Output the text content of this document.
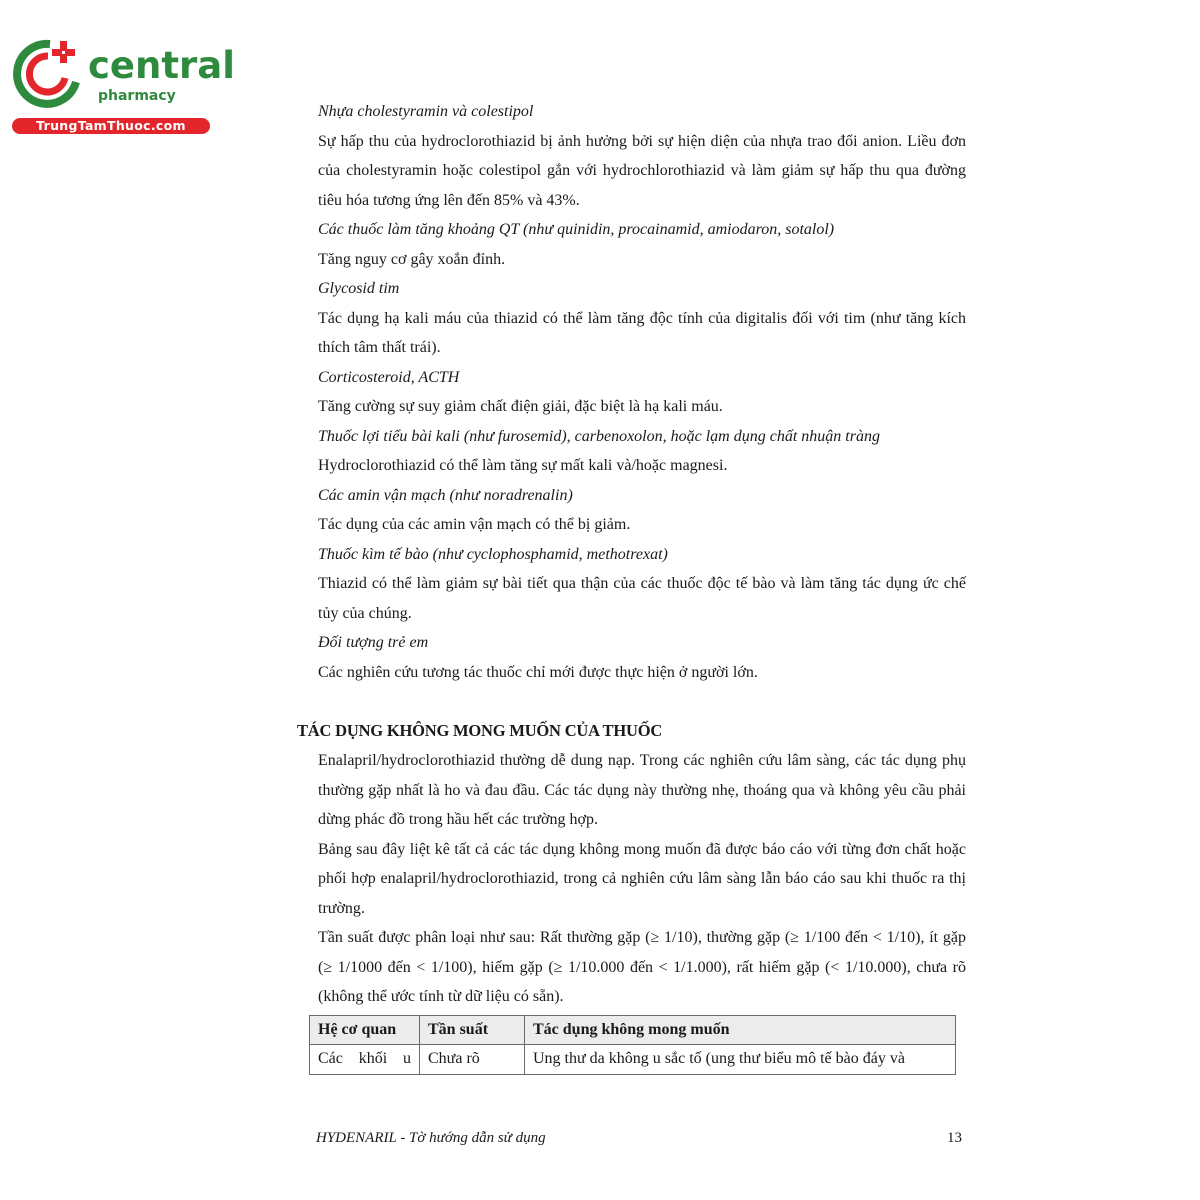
central
pharmacy
TrungTamThuoc.com

Nhựa cholestyramin và colestipol

Sự hấp thu của hydroclorothiazid bị ảnh hưởng bởi sự hiện diện của nhựa trao đổi anion. Liều đơn của cholestyramin hoặc colestipol gắn với hydrochlorothiazid và làm giảm sự hấp thu qua đường tiêu hóa tương ứng lên đến 85% và 43%.

Các thuốc làm tăng khoảng QT (như quinidin, procainamid, amiodaron, sotalol)

Tăng nguy cơ gây xoắn đỉnh.

Glycosid tim

Tác dụng hạ kali máu của thiazid có thể làm tăng độc tính của digitalis đối với tim (như tăng kích thích tâm thất trái).

Corticosteroid, ACTH

Tăng cường sự suy giảm chất điện giải, đặc biệt là hạ kali máu.

Thuốc lợi tiểu bài kali (như furosemid), carbenoxolon, hoặc lạm dụng chất nhuận tràng

Hydroclorothiazid có thể làm tăng sự mất kali và/hoặc magnesi.

Các amin vận mạch (như noradrenalin)

Tác dụng của các amin vận mạch có thể bị giảm.

Thuốc kìm tế bào (như cyclophosphamid, methotrexat)

Thiazid có thể làm giảm sự bài tiết qua thận của các thuốc độc tế bào và làm tăng tác dụng ức chế tủy của chúng.

Đối tượng trẻ em

Các nghiên cứu tương tác thuốc chỉ mới được thực hiện ở người lớn.

TÁC DỤNG KHÔNG MONG MUỐN CỦA THUỐC

Enalapril/hydroclorothiazid thường dễ dung nạp. Trong các nghiên cứu lâm sàng, các tác dụng phụ thường gặp nhất là ho và đau đầu. Các tác dụng này thường nhẹ, thoáng qua và không yêu cầu phải dừng phác đồ trong hầu hết các trường hợp.

Bảng sau đây liệt kê tất cả các tác dụng không mong muốn đã được báo cáo với từng đơn chất hoặc phối hợp enalapril/hydroclorothiazid, trong cả nghiên cứu lâm sàng lẫn báo cáo sau khi thuốc ra thị trường.

Tần suất được phân loại như sau: Rất thường gặp (≥ 1/10), thường gặp (≥ 1/100 đến < 1/10), ít gặp (≥ 1/1000 đến < 1/100), hiếm gặp (≥ 1/10.000 đến < 1/1.000), rất hiếm gặp (< 1/10.000), chưa rõ (không thể ước tính từ dữ liệu có sẵn).

Hệ cơ quan	Tần suất	Tác dụng không mong muốn
Các khối u	Chưa rõ	Ung thư da không u sắc tố (ung thư biểu mô tế bào đáy và
HYDENARIL - Tờ hướng dẫn sử dụng	13
